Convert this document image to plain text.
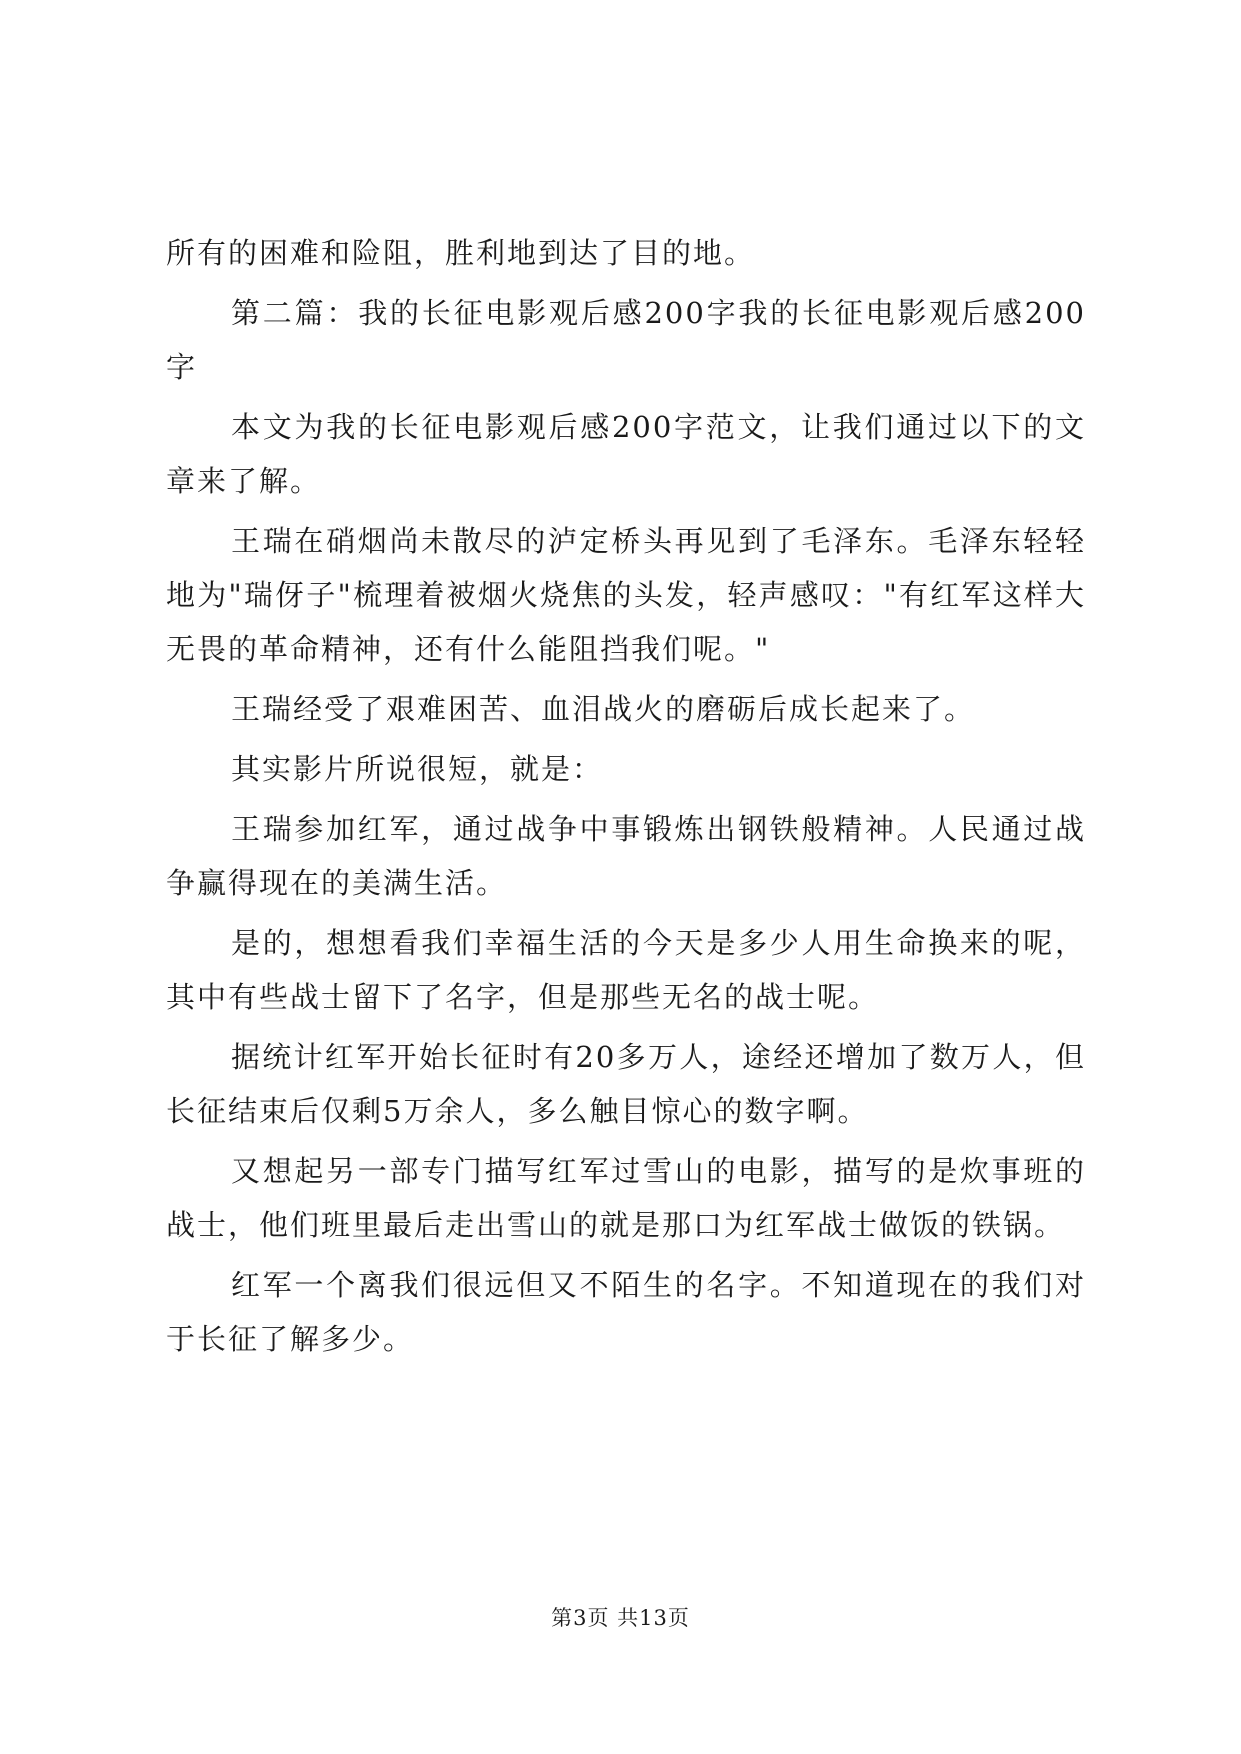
所有的困难和险阻，胜利地到达了目的地。

第二篇：我的长征电影观后感200字我的长征电影观后感200字

本文为我的长征电影观后感200字范文，让我们通过以下的文章来了解。

王瑞在硝烟尚未散尽的泸定桥头再见到了毛泽东。毛泽东轻轻地为"瑞伢子"梳理着被烟火烧焦的头发，轻声感叹："有红军这样大无畏的革命精神，还有什么能阻挡我们呢。"

王瑞经受了艰难困苦、血泪战火的磨砺后成长起来了。

其实影片所说很短，就是：

王瑞参加红军，通过战争中事锻炼出钢铁般精神。人民通过战争赢得现在的美满生活。

是的，想想看我们幸福生活的今天是多少人用生命换来的呢，其中有些战士留下了名字，但是那些无名的战士呢。

据统计红军开始长征时有20多万人，途经还增加了数万人，但长征结束后仅剩5万余人，多么触目惊心的数字啊。

又想起另一部专门描写红军过雪山的电影，描写的是炊事班的战士，他们班里最后走出雪山的就是那口为红军战士做饭的铁锅。

红军一个离我们很远但又不陌生的名字。不知道现在的我们对于长征了解多少。

第3页 共13页
